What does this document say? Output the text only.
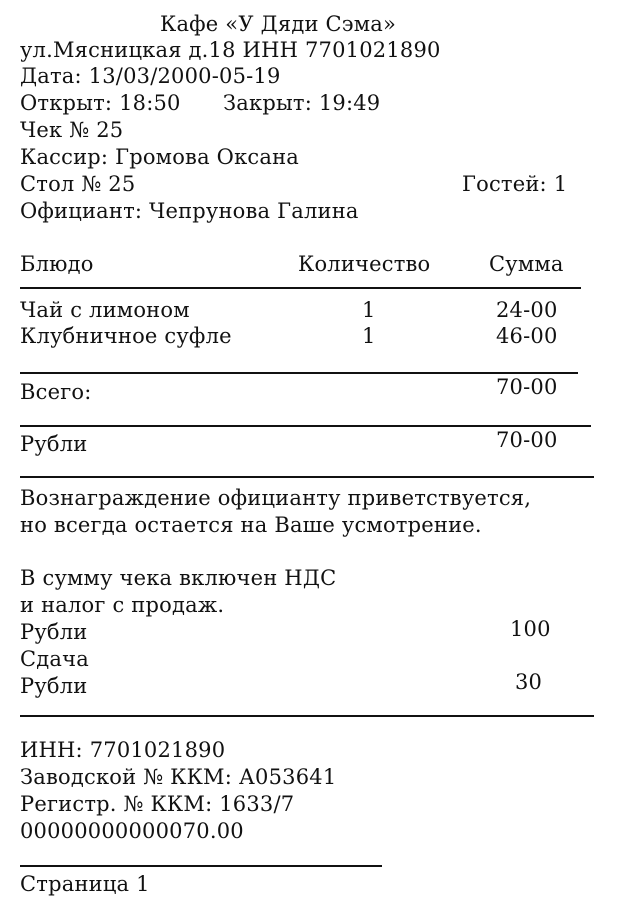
Кафе «У Дяди Сэма»
ул.Мясницкая д.18 ИНН 7701021890
Дата: 13/03/2000-05-19
Открыт: 18:50 Закрыт: 19:49
Чек № 25
Кассир: Громова Оксана
Стол № 25	Гостей: 1
Официант: Чепрунова Галина
Блюдо	Количество	Сумма
Чай с лимоном	1	24-00
Клубничное суфле	1	46-00
Всего:	70-00
Рубли	70-00
Вознаграждение официанту приветствуется,
но всегда остается на Ваше усмотрение.
В сумму чека включен НДС
и налог с продаж.
Рубли	100
Сдача
Рубли	30
ИНН: 7701021890
Заводской № ККМ: А053641
Регистр. № ККМ: 1633/7
00000000000070.00
Страница 1
